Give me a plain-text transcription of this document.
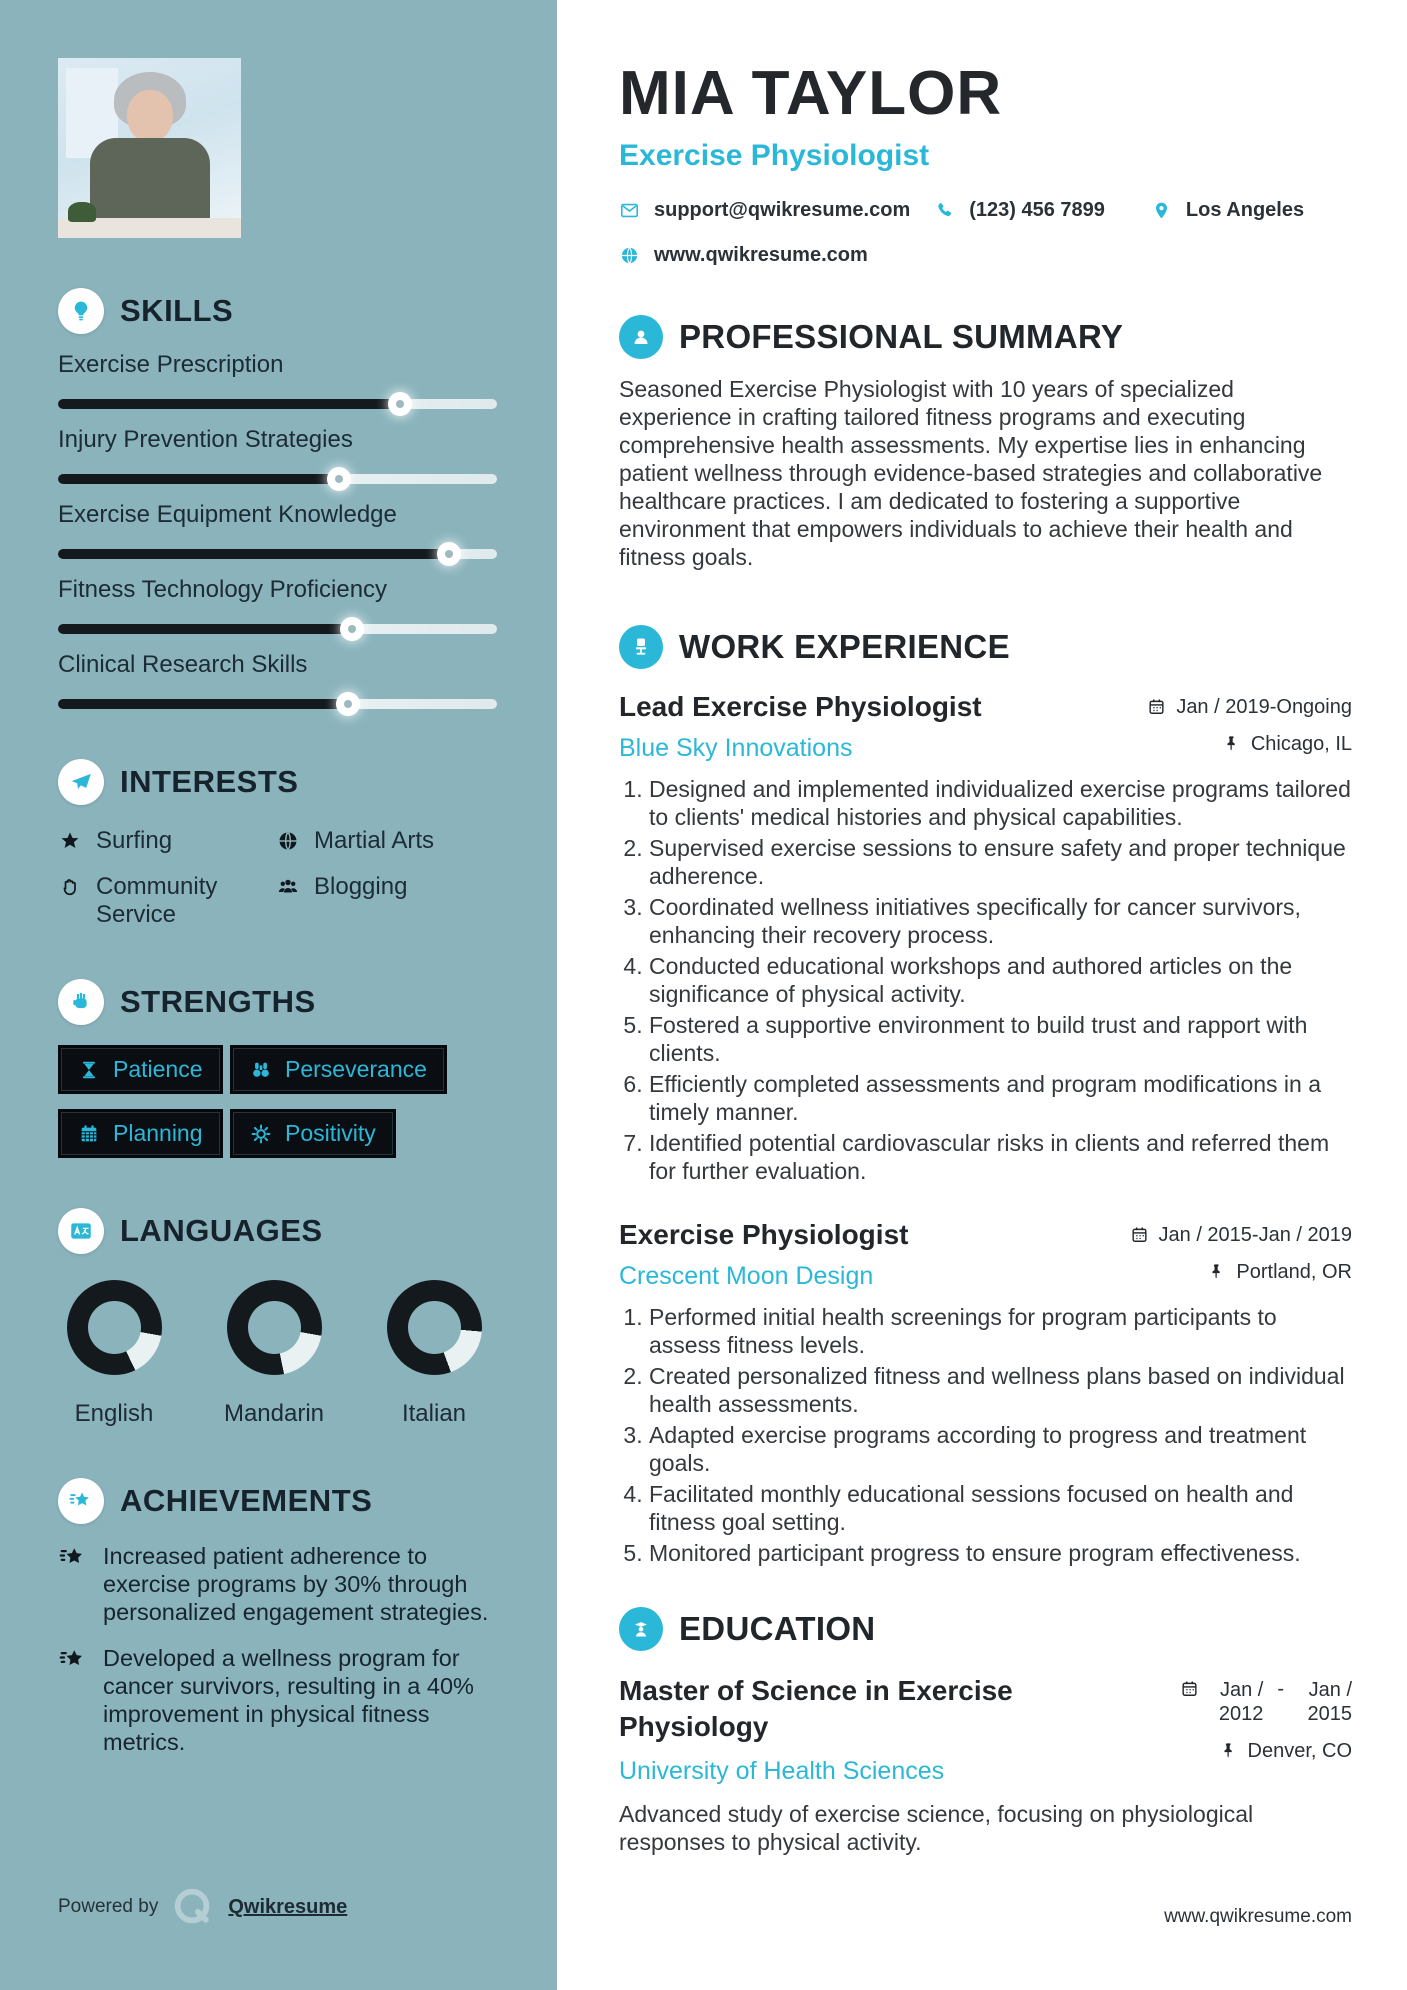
SKILLS
Exercise Prescription
Injury Prevention Strategies
Exercise Equipment Knowledge
Fitness Technology Proficiency
Clinical Research Skills
INTERESTS
Surfing	Martial Arts
Community Service
Blogging
STRENGTHS
Patience	Perseverance
Planning	Positivity
LANGUAGES
English	Mandarin	Italian
ACHIEVEMENTS
Increased patient adherence to exercise programs by 30% through personalized engagement strategies.
Developed a wellness program for cancer survivors, resulting in a 40% improvement in physical fitness metrics.
Powered by	Qwikresume
MIA TAYLOR
Exercise Physiologist
support@qwikresume.com	(123) 456 7899	Los Angeles
www.qwikresume.com
PROFESSIONAL SUMMARY

Seasoned Exercise Physiologist with 10 years of specialized experience in crafting tailored fitness programs and executing comprehensive health assessments. My expertise lies in enhancing patient wellness through evidence-based strategies and collaborative healthcare practices. I am dedicated to fostering a supportive environment that empowers individuals to achieve their health and fitness goals.

WORK EXPERIENCE
Lead Exercise Physiologist
Blue Sky Innovations
Jan / 2019-Ongoing
Chicago, IL
1. Designed and implemented individualized exercise programs tailored to clients' medical histories and physical capabilities.
2. Supervised exercise sessions to ensure safety and proper technique adherence.
3. Coordinated wellness initiatives specifically for cancer survivors, enhancing their recovery process.
4. Conducted educational workshops and authored articles on the significance of physical activity.
5. Fostered a supportive environment to build trust and rapport with clients.
6. Efficiently completed assessments and program modifications in a timely manner.
7. Identified potential cardiovascular risks in clients and referred them for further evaluation.
Exercise Physiologist
Crescent Moon Design
Jan / 2015-Jan / 2019
Portland, OR
1. Performed initial health screenings for program participants to assess fitness levels.
2. Created personalized fitness and wellness plans based on individual health assessments.
3. Adapted exercise programs according to progress and treatment goals.
4. Facilitated monthly educational sessions focused on health and fitness goal setting.
5. Monitored participant progress to ensure program effectiveness.
EDUCATION
Master of Science in Exercise Physiology
University of Health Sciences
Jan / 2012
-	Jan / 2015
Denver, CO

Advanced study of exercise science, focusing on physiological responses to physical activity.

www.qwikresume.com
